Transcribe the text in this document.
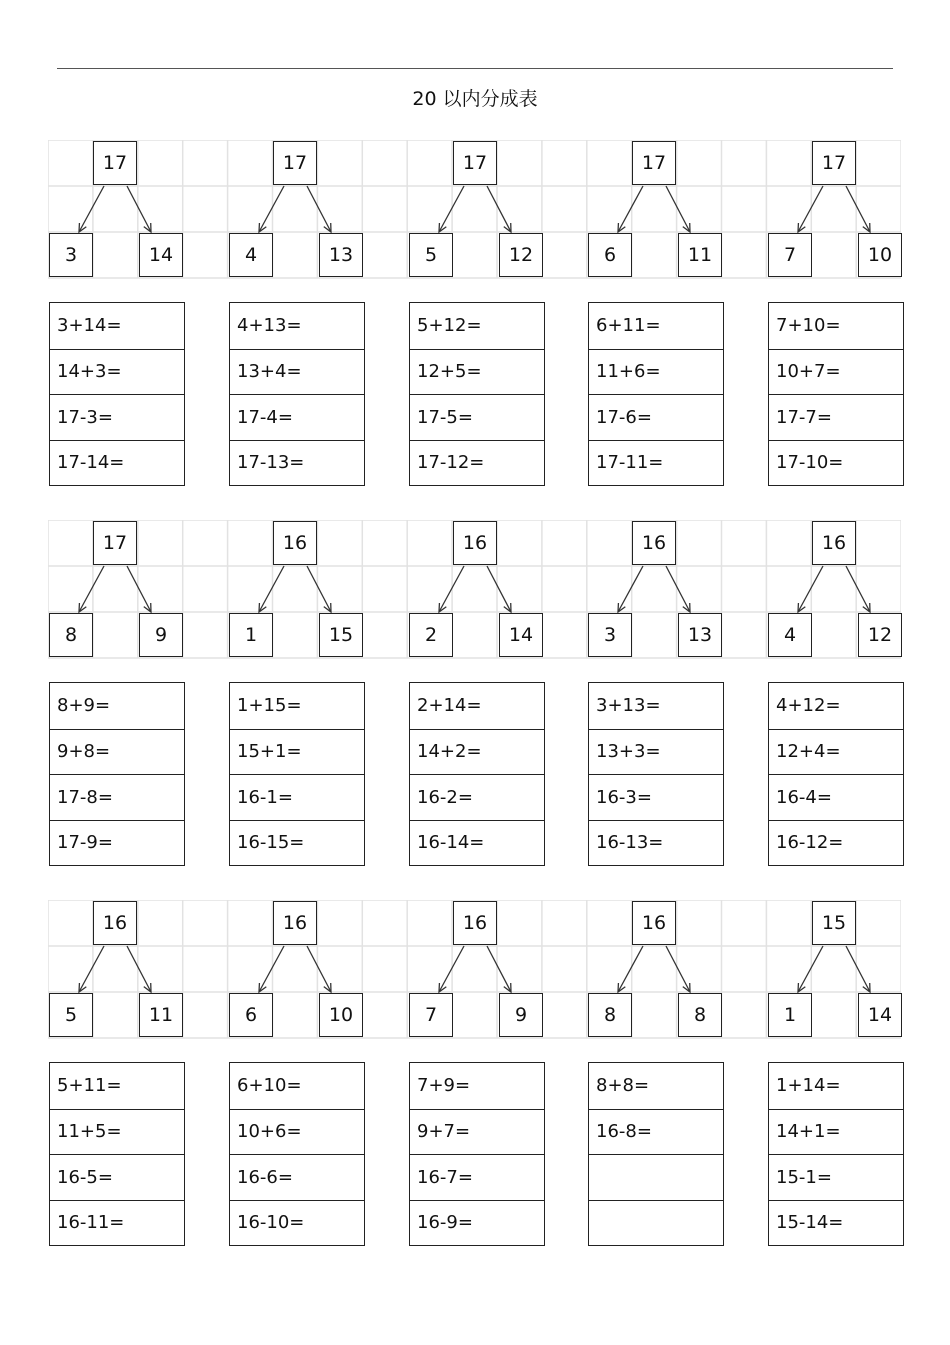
20 以内分成表
17
3	14
3+14=
14+3=
17-3=
17-14=
17
4	13
4+13=
13+4=
17-4=
17-13=
17
5	12
5+12=
12+5=
17-5=
17-12=
17
6	11
6+11=
11+6=
17-6=
17-11=
17
7	10
7+10=
10+7=
17-7=
17-10=
17
8	9
8+9=
9+8=
17-8=
17-9=
16
1	15
1+15=
15+1=
16-1=
16-15=
16
2	14
2+14=
14+2=
16-2=
16-14=
16
3	13
3+13=
13+3=
16-3=
16-13=
16
4	12
4+12=
12+4=
16-4=
16-12=
16
5	11
5+11=
11+5=
16-5=
16-11=
16
6	10
6+10=
10+6=
16-6=
16-10=
16
7	9
7+9=
9+7=
16-7=
16-9=
16
8	8
8+8=
16-8=
15
1	14
1+14=
14+1=
15-1=
15-14=
